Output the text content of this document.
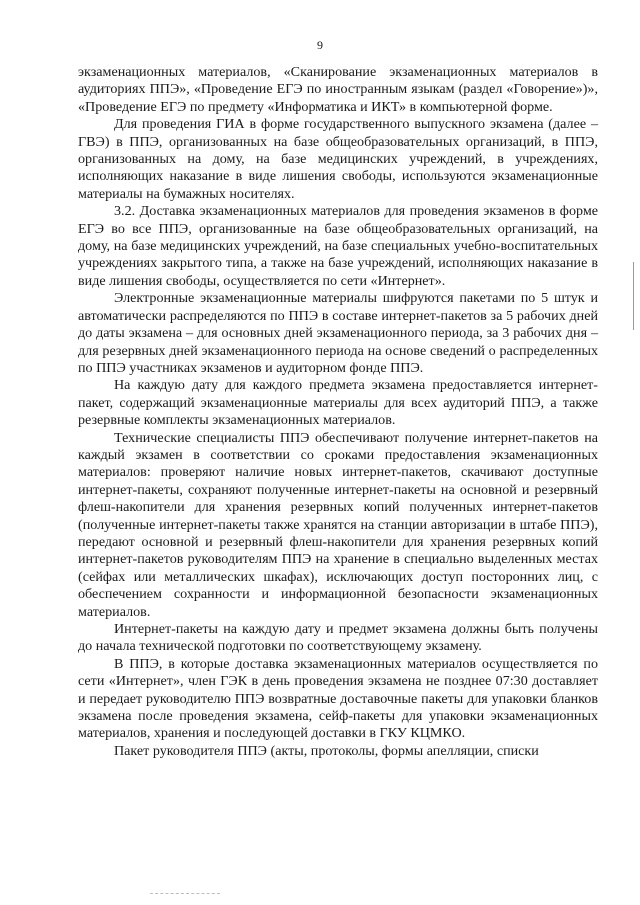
9

экзаменационных материалов, «Сканирование экзаменационных материалов в аудиториях ППЭ», «Проведение ЕГЭ по иностранным языкам (раздел «Говорение»)», «Проведение ЕГЭ по предмету «Информатика и ИКТ» в компьютерной форме.

Для проведения ГИА в форме государственного выпускного экзамена (далее – ГВЭ) в ППЭ, организованных на базе общеобразовательных организаций, в ППЭ, организованных на дому, на базе медицинских учреждений, в учреждениях, исполняющих наказание в виде лишения свободы, используются экзаменационные материалы на бумажных носителях.

3.2. Доставка экзаменационных материалов для проведения экзаменов в форме ЕГЭ во все ППЭ, организованные на базе общеобразовательных организаций, на дому, на базе медицинских учреждений, на базе специальных учебно-воспитательных учреждениях закрытого типа, а также на базе учреждений, исполняющих наказание в виде лишения свободы, осуществляется по сети «Интернет».

Электронные экзаменационные материалы шифруются пакетами по 5 штук и автоматически распределяются по ППЭ в составе интернет-пакетов за 5 рабочих дней до даты экзамена – для основных дней экзаменационного периода, за 3 рабочих дня – для резервных дней экзаменационного периода на основе сведений о распределенных по ППЭ участниках экзаменов и аудиторном фонде ППЭ.

На каждую дату для каждого предмета экзамена предоставляется интернет-пакет, содержащий экзаменационные материалы для всех аудиторий ППЭ, а также резервные комплекты экзаменационных материалов.

Технические специалисты ППЭ обеспечивают получение интернет-пакетов на каждый экзамен в соответствии со сроками предоставления экзаменационных материалов: проверяют наличие новых интернет-пакетов, скачивают доступные интернет-пакеты, сохраняют полученные интернет-пакеты на основной и резервный флеш-накопители для хранения резервных копий полученных интернет-пакетов (полученные интернет-пакеты также хранятся на станции авторизации в штабе ППЭ), передают основной и резервный флеш-накопители для хранения резервных копий интернет-пакетов руководителям ППЭ на хранение в специально выделенных местах (сейфах или металлических шкафах), исключающих доступ посторонних лиц, с обеспечением сохранности и информационной безопасности экзаменационных материалов.

Интернет-пакеты на каждую дату и предмет экзамена должны быть получены до начала технической подготовки по соответствующему экзамену.

В ППЭ, в которые доставка экзаменационных материалов осуществляется по сети «Интернет», член ГЭК в день проведения экзамена не позднее 07:30 доставляет и передает руководителю ППЭ возвратные доставочные пакеты для упаковки бланков экзамена после проведения экзамена, сейф-пакеты для упаковки экзаменационных материалов, хранения и последующей доставки в ГКУ КЦМКО.

Пакет руководителя ППЭ (акты, протоколы, формы апелляции, списки
